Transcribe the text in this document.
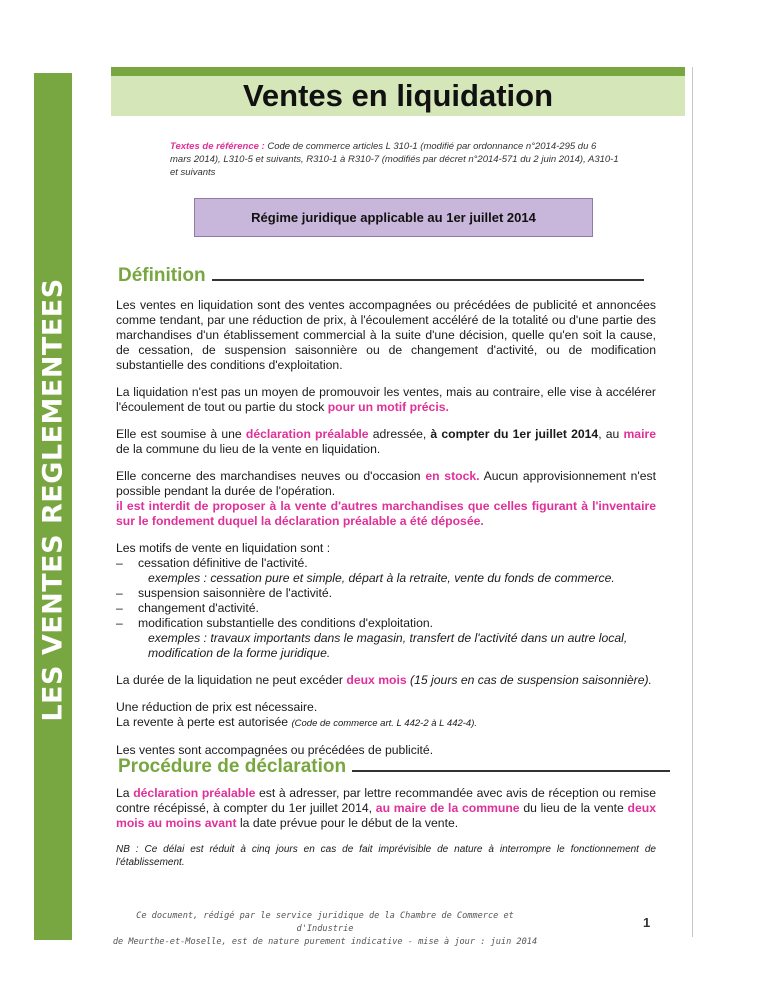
LES VENTES REGLEMENTEES
Ventes en liquidation
Textes de référence : Code de commerce articles L 310-1 (modifié par ordonnance n°2014-295 du 6 mars 2014), L310-5 et suivants, R310-1 à R310-7 (modifiés par décret n°2014-571 du 2 juin 2014), A310-1 et suivants
Régime juridique applicable au 1er juillet 2014
Définition

Les ventes en liquidation sont des ventes accompagnées ou précédées de publicité et annoncées comme tendant, par une réduction de prix, à l'écoulement accéléré de la totalité ou d'une partie des marchandises d'un établissement commercial à la suite d'une décision, quelle qu'en soit la cause, de cessation, de suspension saisonnière ou de changement d'activité, ou de modification substantielle des conditions d'exploitation.

La liquidation n'est pas un moyen de promouvoir les ventes, mais au contraire, elle vise à accélérer l'écoulement de tout ou partie du stock pour un motif précis.

Elle est soumise à une déclaration préalable adressée, à compter du 1er juillet 2014, au maire de la commune du lieu de la vente en liquidation.

Elle concerne des marchandises neuves ou d'occasion en stock. Aucun approvisionnement n'est possible pendant la durée de l'opération.
il est interdit de proposer à la vente d'autres marchandises que celles figurant à l'inventaire sur le fondement duquel la déclaration préalable a été déposée.

Les motifs de vente en liquidation sont :
– cessation définitive de l'activité.
exemples : cessation pure et simple, départ à la retraite, vente du fonds de commerce.
– suspension saisonnière de l'activité.
– changement d'activité.
– modification substantielle des conditions d'exploitation.
exemples : travaux importants dans le magasin, transfert de l'activité dans un autre local, modification de la forme juridique.

La durée de la liquidation ne peut excéder deux mois (15 jours en cas de suspension saisonnière).

Une réduction de prix est nécessaire.
La revente à perte est autorisée (Code de commerce art. L 442-2 à L 442-4).

Les ventes sont accompagnées ou précédées de publicité.

Procédure de déclaration

La déclaration préalable est à adresser, par lettre recommandée avec avis de réception ou remise contre récépissé, à compter du 1er juillet 2014, au maire de la commune du lieu de la vente deux mois au moins avant la date prévue pour le début de la vente.

NB : Ce délai est réduit à cinq jours en cas de fait imprévisible de nature à interrompre le fonctionnement de l'établissement.

Ce document, rédigé par le service juridique de la Chambre de Commerce et d'Industrie
de Meurthe-et-Moselle, est de nature purement indicative - mise à jour : juin 2014
1
